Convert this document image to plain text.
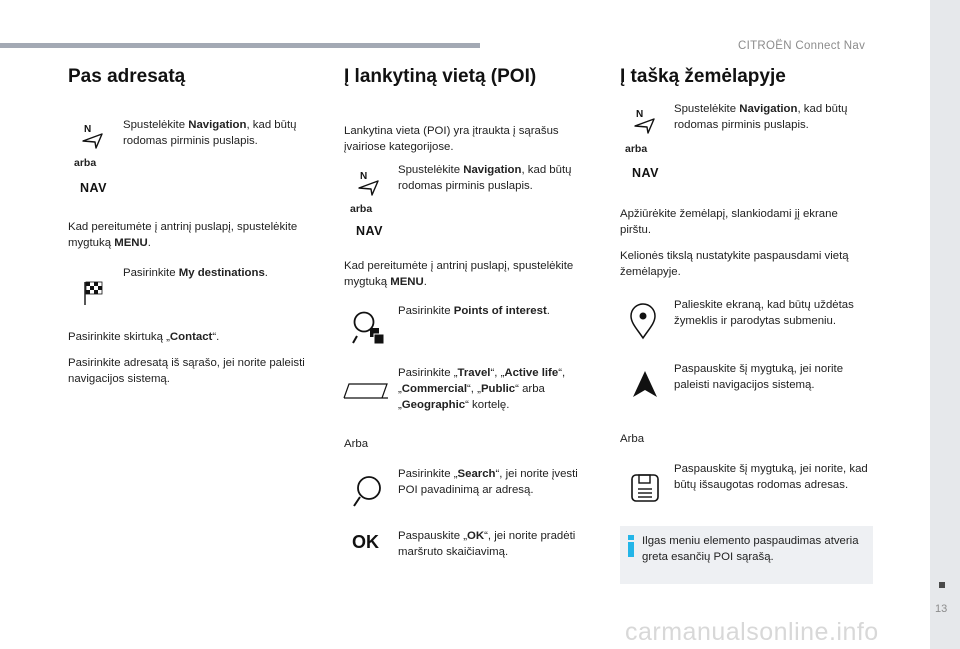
CITROËN Connect Nav
13
carmanualsonline.info
Pas adresatą
N
arba
NAV
Spustelėkite Navigation, kad būtų rodomas pirminis puslapis.
Kad pereitumėte į antrinį puslapį, spustelėkite mygtuką MENU.
Pasirinkite My destinations.
Pasirinkite skirtuką „Contact“.
Pasirinkite adresatą iš sąrašo, jei norite paleisti navigacijos sistemą.
Į lankytiną vietą (POI)
Lankytina vieta (POI) yra įtraukta į sąrašus įvairiose kategorijose.
N
arba
NAV
Spustelėkite Navigation, kad būtų rodomas pirminis puslapis.
Kad pereitumėte į antrinį puslapį, spustelėkite mygtuką MENU.
Pasirinkite Points of interest.
Pasirinkite „Travel“, „Active life“,
„Commercial“, „Public“ arba
„Geographic“ kortelę.
Arba
Pasirinkite „Search“, jei norite įvesti POI pavadinimą ar adresą.
OK Paspauskite „OK“, jei norite pradėti maršruto skaičiavimą.
Į tašką žemėlapyje
N
arba
NAV
Spustelėkite Navigation, kad būtų rodomas pirminis puslapis.
Apžiūrėkite žemėlapį, slankiodami jį ekrane pirštu.
Kelionės tikslą nustatykite paspausdami vietą žemėlapyje.
Palieskite ekraną, kad būtų uždėtas žymeklis ir parodytas submeniu.
Paspauskite šį mygtuką, jei norite paleisti navigacijos sistemą.
Arba
Paspauskite šį mygtuką, jei norite, kad būtų išsaugotas rodomas adresas.
Ilgas meniu elemento paspaudimas atveria greta esančių POI sąrašą.
